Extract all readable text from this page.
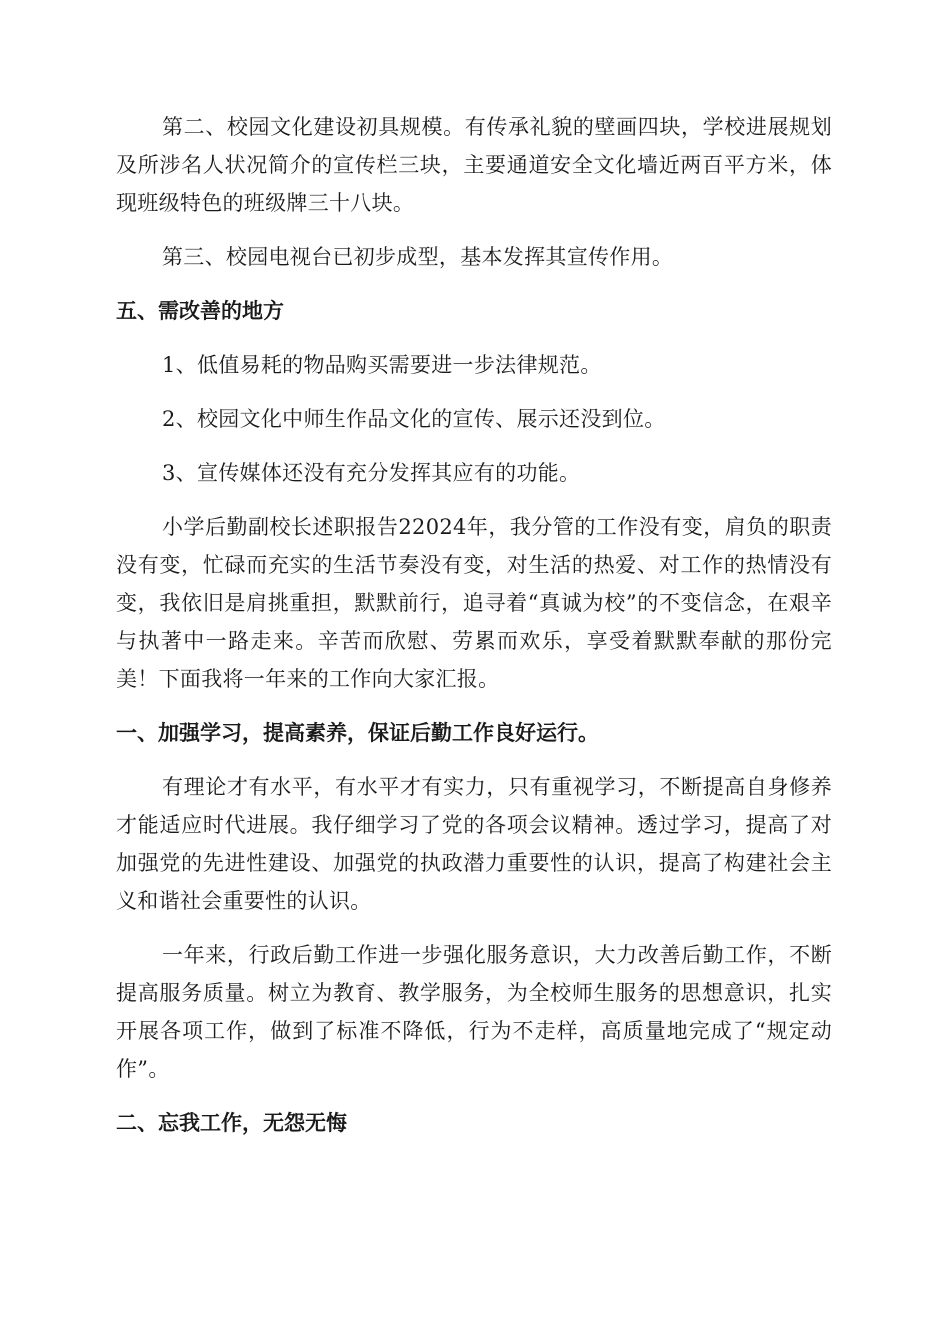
第二、校园文化建设初具规模。有传承礼貌的壁画四块，学校进展规划及所涉名人状况简介的宣传栏三块，主要通道安全文化墙近两百平方米，体现班级特色的班级牌三十八块。

第三、校园电视台已初步成型，基本发挥其宣传作用。

五、需改善的地方

1、低值易耗的物品购买需要进一步法律规范。

2、校园文化中师生作品文化的宣传、展示还没到位。

3、宣传媒体还没有充分发挥其应有的功能。

小学后勤副校长述职报告22024年，我分管的工作没有变，肩负的职责没有变，忙碌而充实的生活节奏没有变，对生活的热爱、对工作的热情没有变，我依旧是肩挑重担，默默前行，追寻着“真诚为校”的不变信念，在艰辛与执著中一路走来。辛苦而欣慰、劳累而欢乐，享受着默默奉献的那份完美！下面我将一年来的工作向大家汇报。

一、加强学习，提高素养，保证后勤工作良好运行。

有理论才有水平，有水平才有实力，只有重视学习，不断提高自身修养才能适应时代进展。我仔细学习了党的各项会议精神。透过学习，提高了对加强党的先进性建设、加强党的执政潜力重要性的认识，提高了构建社会主义和谐社会重要性的认识。

一年来，行政后勤工作进一步强化服务意识，大力改善后勤工作，不断提高服务质量。树立为教育、教学服务，为全校师生服务的思想意识，扎实开展各项工作，做到了标准不降低，行为不走样，高质量地完成了“规定动作”。

二、忘我工作，无怨无悔
